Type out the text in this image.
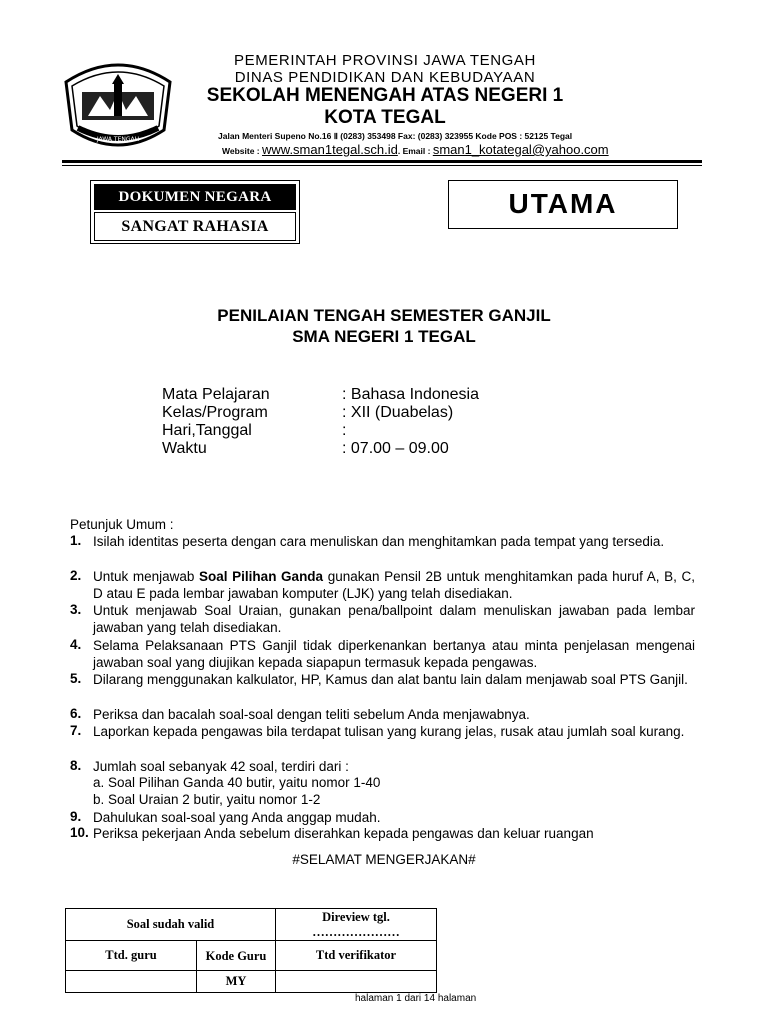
JAWA TENGAH
PEMERINTAH PROVINSI JAWA TENGAH
DINAS PENDIDIKAN DAN KEBUDAYAAN
SEKOLAH MENENGAH ATAS NEGERI 1
KOTA TEGAL
Jalan Menteri Supeno No.16 Ⅱ (0283) 353498 Fax: (0283) 323955 Kode POS : 52125 Tegal
Website : www.sman1tegal.sch.id. Email : sman1_kotategal@yahoo.com
DOKUMEN NEGARA
SANGAT RAHASIA
UTAMA
PENILAIAN TENGAH SEMESTER GANJIL
SMA NEGERI 1 TEGAL
Mata Pelajaran	: Bahasa Indonesia
Kelas/Program	: XII (Duabelas)
Hari,Tanggal	:
Waktu	: 07.00 – 09.00
Petunjuk Umum :
1. Isilah identitas peserta dengan cara menuliskan dan menghitamkan pada tempat yang tersedia.
2. Untuk menjawab Soal Pilihan Ganda gunakan Pensil 2B untuk menghitamkan pada huruf A, B, C, D atau E pada lembar jawaban komputer (LJK) yang telah disediakan.
3. Untuk menjawab Soal Uraian, gunakan pena/ballpoint dalam menuliskan jawaban pada lembar jawaban yang telah disediakan.
4. Selama Pelaksanaan PTS Ganjil tidak diperkenankan bertanya atau minta penjelasan mengenai jawaban soal yang diujikan kepada siapapun termasuk kepada pengawas.
5. Dilarang menggunakan kalkulator, HP, Kamus dan alat bantu lain dalam menjawab soal PTS Ganjil.
6. Periksa dan bacalah soal-soal dengan teliti sebelum Anda menjawabnya.
7. Laporkan kepada pengawas bila terdapat tulisan yang kurang jelas, rusak atau jumlah soal kurang.
8. Jumlah soal sebanyak 42 soal, terdiri dari :
a. Soal Pilihan Ganda 40 butir, yaitu nomor 1-40
b. Soal Uraian 2 butir, yaitu nomor 1-2
9. Dahulukan soal-soal yang Anda anggap mudah.
10. Periksa pekerjaan Anda sebelum diserahkan kepada pengawas dan keluar ruangan
#SELAMAT MENGERJAKAN#
Soal sudah valid		Direview tgl.
…………………
Ttd. guru	Kode Guru	Ttd verifikator
	MY	
halaman 1 dari 14 halaman
